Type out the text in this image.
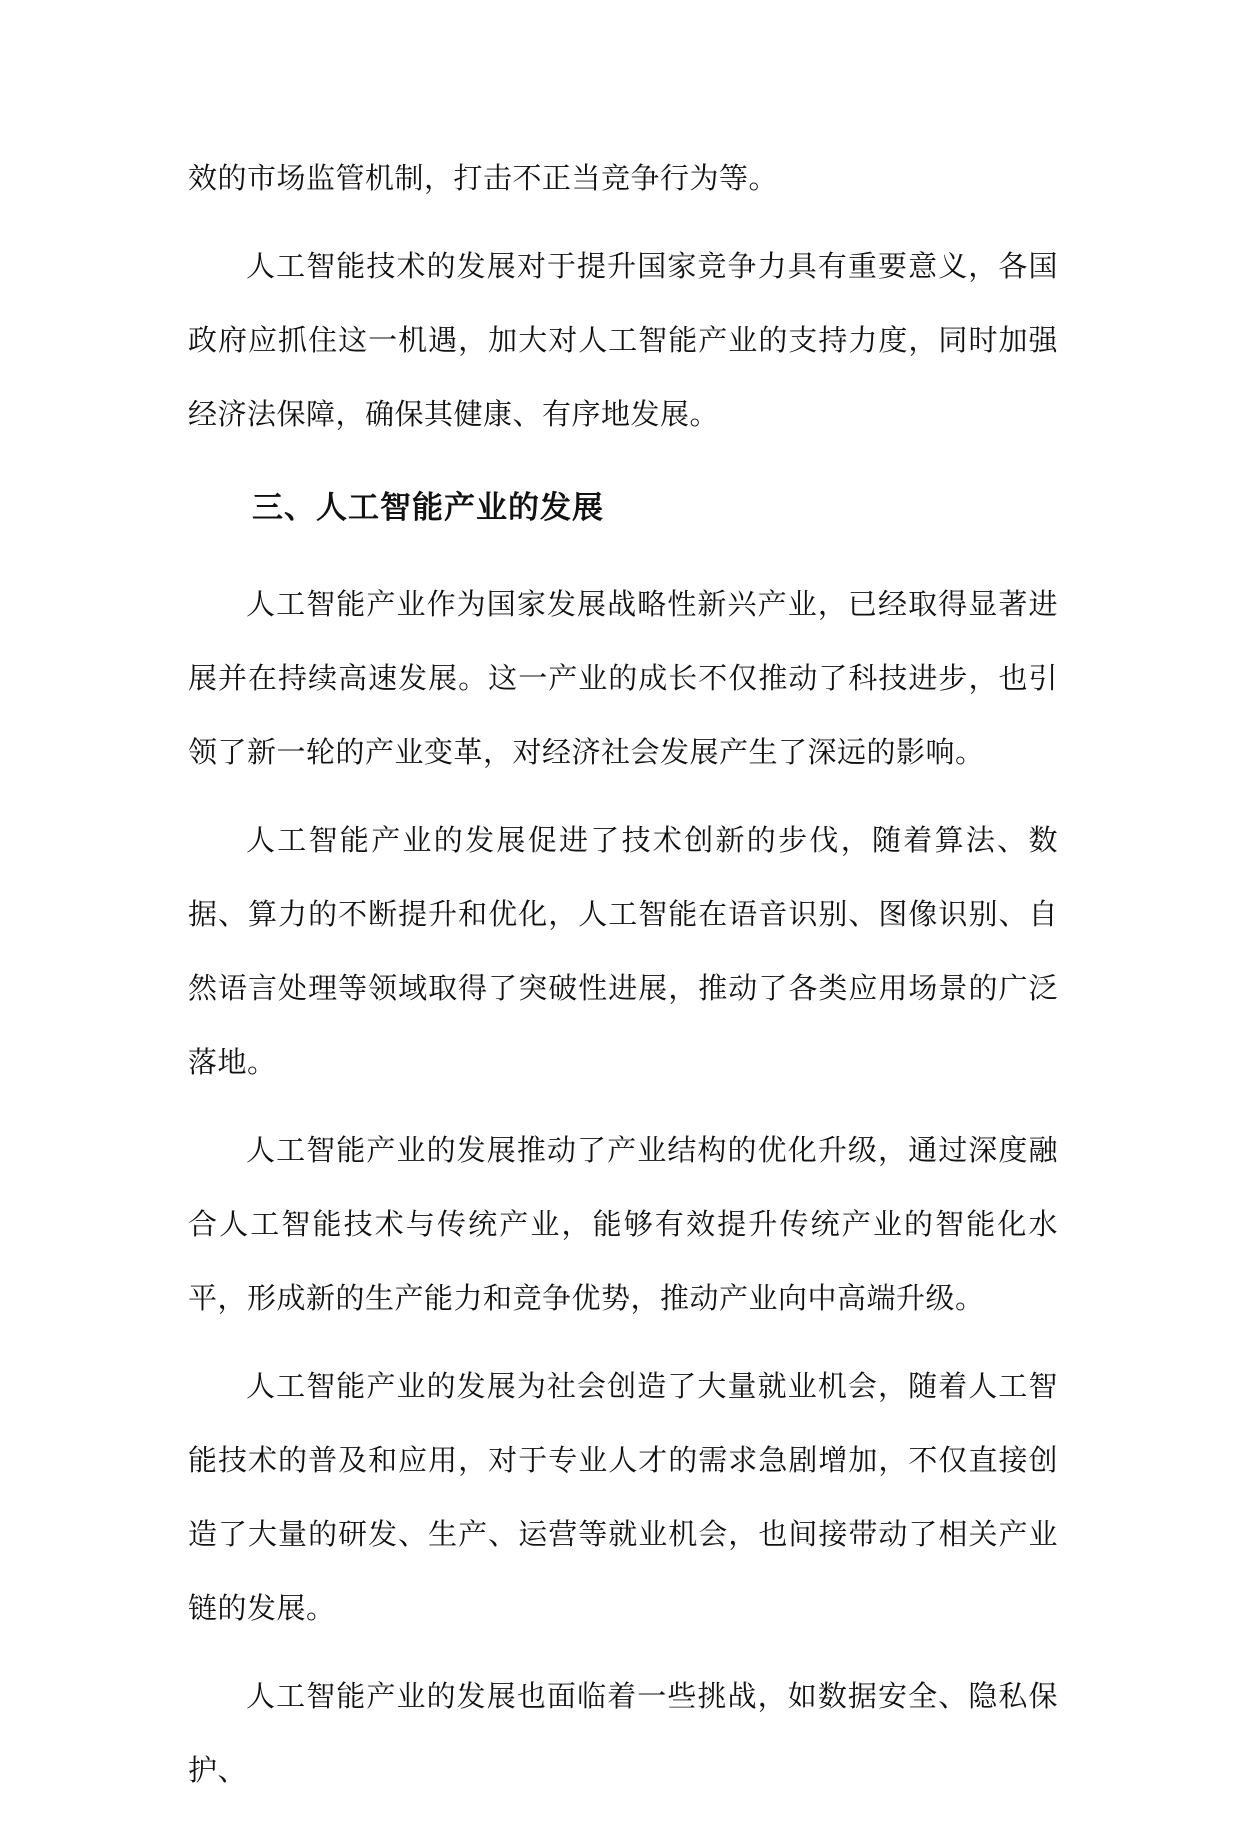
效的市场监管机制，打击不正当竞争行为等。

人工智能技术的发展对于提升国家竞争力具有重要意义，各国政府应抓住这一机遇，加大对人工智能产业的支持力度，同时加强经济法保障，确保其健康、有序地发展。

三、人工智能产业的发展

人工智能产业作为国家发展战略性新兴产业，已经取得显著进展并在持续高速发展。这一产业的成长不仅推动了科技进步，也引领了新一轮的产业变革，对经济社会发展产生了深远的影响。

人工智能产业的发展促进了技术创新的步伐，随着算法、数据、算力的不断提升和优化，人工智能在语音识别、图像识别、自然语言处理等领域取得了突破性进展，推动了各类应用场景的广泛落地。

人工智能产业的发展推动了产业结构的优化升级，通过深度融合人工智能技术与传统产业，能够有效提升传统产业的智能化水平，形成新的生产能力和竞争优势，推动产业向中高端升级。

人工智能产业的发展为社会创造了大量就业机会，随着人工智能技术的普及和应用，对于专业人才的需求急剧增加，不仅直接创造了大量的研发、生产、运营等就业机会，也间接带动了相关产业链的发展。

人工智能产业的发展也面临着一些挑战，如数据安全、隐私保护、
